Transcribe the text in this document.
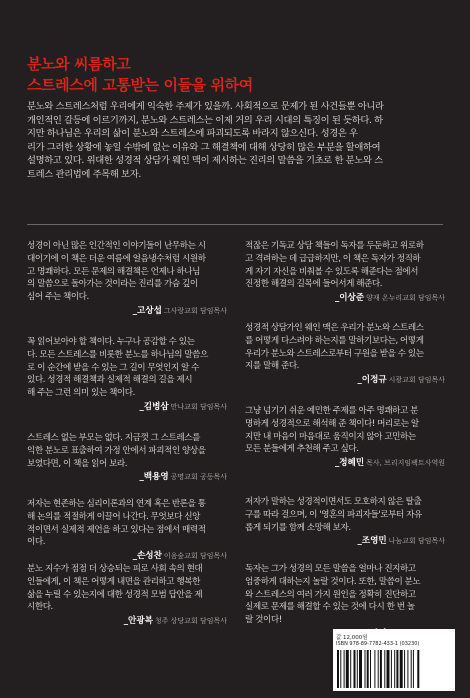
분노와 씨름하고
스트레스에 고통받는 이들을 위하여
분노와 스트레스처럼 우리에게 익숙한 주제가 있을까. 사회적으로 문제가 된 사건들뿐 아니라
개인적인 갈등에 이르기까지, 분노와 스트레스는 이제 거의 우리 시대의 특징이 된 듯하다. 하
지만 하나님은 우리의 삶이 분노와 스트레스에 파괴되도록 바라지 않으신다. 성경은 우
리가 그러한 상황에 놓일 수밖에 없는 이유와 그 해결책에 대해 상당히 많은 부분을 할애하여
설명하고 있다. 위대한 성경적 상담가 웨인 맥이 제시하는 진리의 말씀을 기초로 한 분노와 스
트레스 관리법에 주목해 보자.

성경이 아닌 많은 인간적인 이야기들이 난무하는 시
대이기에 이 책은 더운 여름에 얼음냉수처럼 시원하
고 명쾌하다. 모든 문제의 해결책은 언제나 하나님
의 말씀으로 돌아가는 것이라는 진리를 가슴 깊이
심어 주는 책이다.

_고상섭 그사랑교회 담임목사

꼭 읽어보아야 할 책이다. 누구나 공감할 수 있는
다. 모든 스트레스를 비롯한 분노를 하나님의 말씀으
로 이 순간에 받을 수 있는 그 길이 무엇인지 알 수
있다. 성경적 해결책과 실제적 해결의 길을 제시
해 주는 그런 의미 있는 책이다.

_김병삼 만나교회 담임목사

스트레스 없는 부모는 없다. 지금껏 그 스트레스를
익한 분노로 표출하여 가정 안에서 파괴적인 양상을
보였다면, 이 책을 읽어 보라.

_백용영 공명교회 공동목사

저자는 현존하는 심리이론과의 연계 혹은 반론을 통
해 논의를 적절하게 이끌어 나간다. 무엇보다 신앙
적이면서 실제적 제언을 하고 있다는 점에서 매력적
이다.

_손성찬 이음숲교회 담임목사

분노 지수가 점점 더 상승되는 피로 사회 속의 현대
인들에게, 이 책은 어떻게 내면을 관리하고 행복한
삶을 누릴 수 있는지에 대한 성경적 모범 답안을 제
시한다.

_안광복 청주 상당교회 담임목사

적잖은 기독교 상담 책들이 독자를 두둔하고 위로하
고 격려하는 데 급급하지만, 이 책은 독자가 정직하
게 자기 자신을 비춰볼 수 있도록 해준다는 점에서
진정한 해결의 길목에 들어서게 해준다.

_이상준 양재 온누리교회 담임목사

성경적 상담가인 웨인 맥은 우리가 분노와 스트레스
를 어떻게 다스려야 하는지를 말하기보다는, 어떻게
우리가 분노와 스트레스로부터 구원을 받을 수 있는
지를 말해 준다.

_이정규 시광교회 담임목사

그냥 넘기기 쉬운 예민한 주제를 아주 명쾌하고 분
명하게 성경적으로 해석해 준 책이다! 머리로는 알
지만 내 마음이 마음대로 움직이지 않아 고민하는
모든 분들에게 추천해 주고 싶다.

_정혜민 목사, 브리지임팩트사역원

저자가 말하는 성경적이면서도 모호하지 않은 탈출
구를 따라 걸으며, 이 '영혼의 파괴자들'로부터 자유
롭게 되기를 함께 소망해 보자.

_조영민 나눔교회 담임목사

독자는 그가 성경의 모든 말씀을 얼마나 진지하고
엄중하게 대하는지 놀랄 것이다. 또한, 말씀이 분노
와 스트레스의 여러 가지 원인을 정확히 진단하고
실제로 문제를 해결할 수 있는 것에 다시 한 번 놀
랄 것이다!

값 12,000원
ISBN 978-89-7782-433-1 (03230)
